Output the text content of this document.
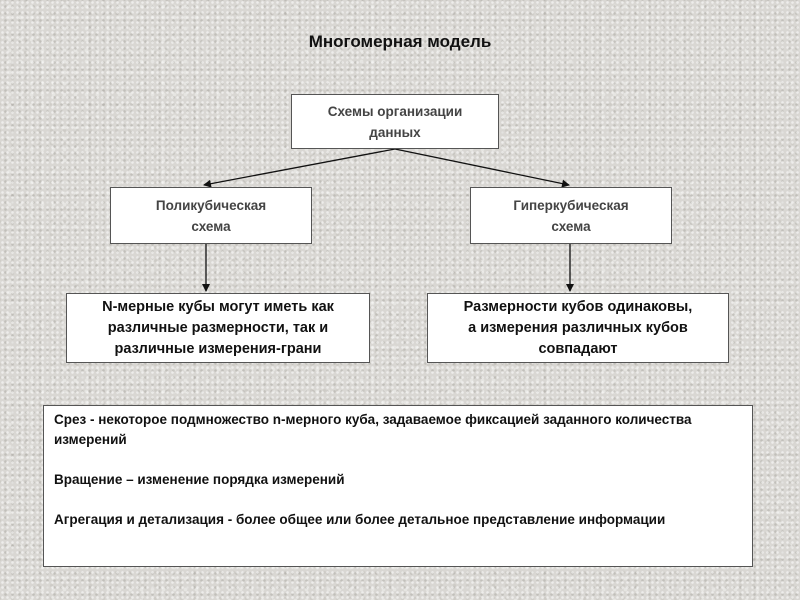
Многомерная модель
Схемы организации
данных
Поликубическая
схема
Гиперкубическая
схема
N-мерные кубы могут иметь как
различные размерности, так и
различные измерения-грани
Размерности кубов одинаковы,
а измерения различных кубов
совпадают

Срез - некоторое подмножество n-мерного куба, задаваемое фиксацией заданного количества измерений

Вращение – изменение порядка измерений

Агрегация и детализация - более общее или более детальное представление информации
